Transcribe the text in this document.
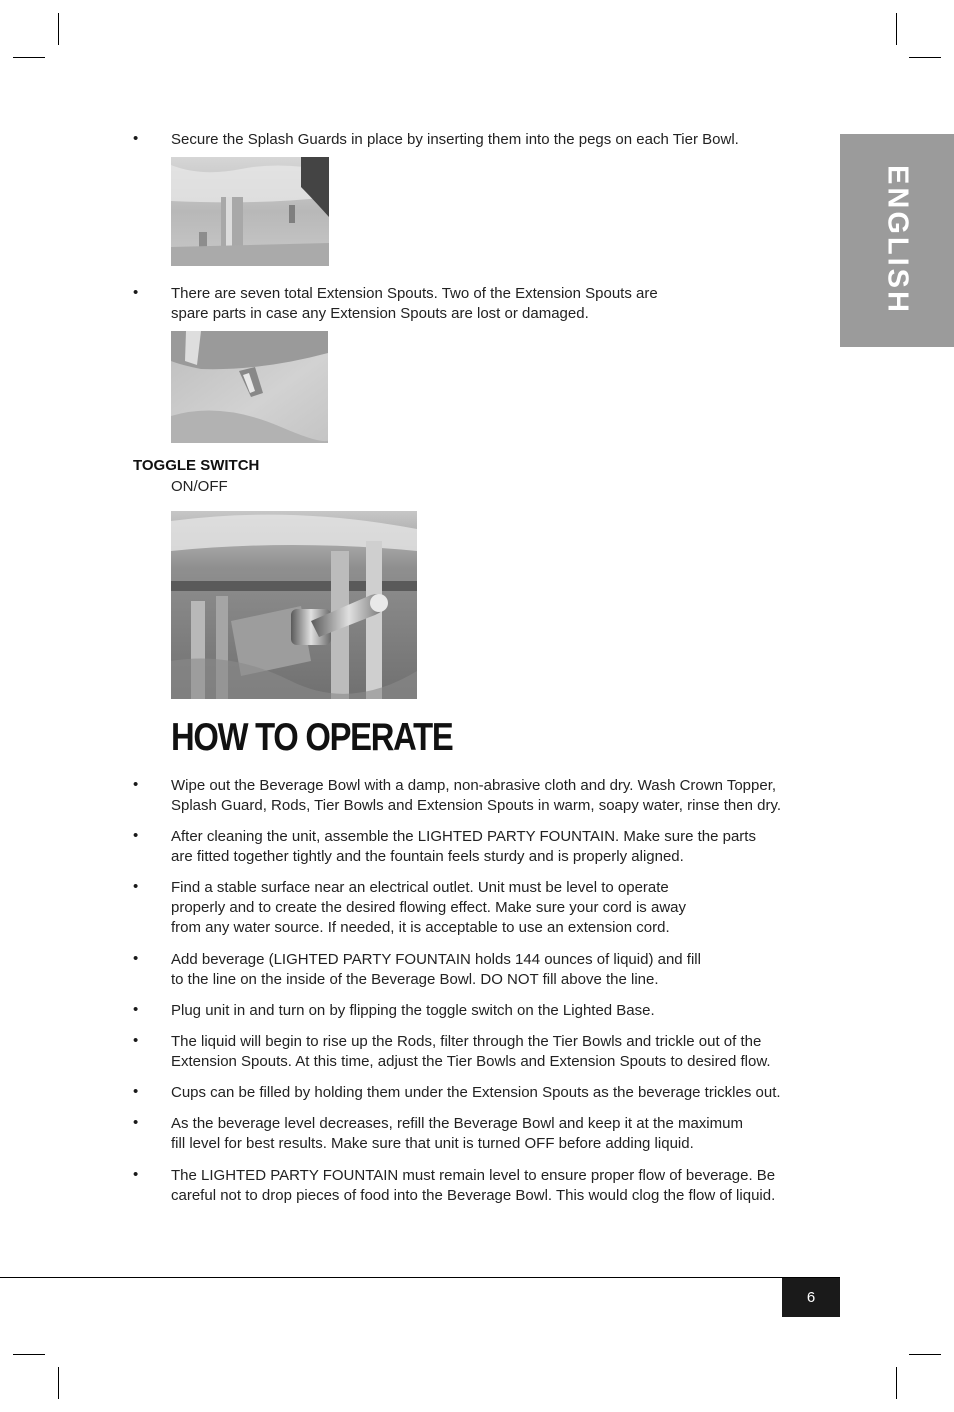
ENGLISH
• Secure the Splash Guards in place by inserting them into the pegs on each Tier Bowl.
• There are seven total Extension Spouts. Two of the Extension Spouts are
spare parts in case any Extension Spouts are lost or damaged.
TOGGLE SWITCH
ON/OFF
HOW TO OPERATE
• Wipe out the Beverage Bowl with a damp, non-abrasive cloth and dry. Wash Crown Topper,
Splash Guard, Rods, Tier Bowls and Extension Spouts in warm, soapy water, rinse then dry.
• After cleaning the unit, assemble the LIGHTED PARTY FOUNTAIN. Make sure the parts
are fitted together tightly and the fountain feels sturdy and is properly aligned.
• Find a stable surface near an electrical outlet. Unit must be level to operate
properly and to create the desired flowing effect. Make sure your cord is away
from any water source. If needed, it is acceptable to use an extension cord.
• Add beverage (LIGHTED PARTY FOUNTAIN holds 144 ounces of liquid) and fill
to the line on the inside of the Beverage Bowl. DO NOT fill above the line.
• Plug unit in and turn on by flipping the toggle switch on the Lighted Base.
• The liquid will begin to rise up the Rods, filter through the Tier Bowls and trickle out of the
Extension Spouts. At this time, adjust the Tier Bowls and Extension Spouts to desired flow.
• Cups can be filled by holding them under the Extension Spouts as the beverage trickles out.
• As the beverage level decreases, refill the Beverage Bowl and keep it at the maximum
fill level for best results. Make sure that unit is turned OFF before adding liquid.
• The LIGHTED PARTY FOUNTAIN must remain level to ensure proper flow of beverage. Be
careful not to drop pieces of food into the Beverage Bowl. This would clog the flow of liquid.
6
